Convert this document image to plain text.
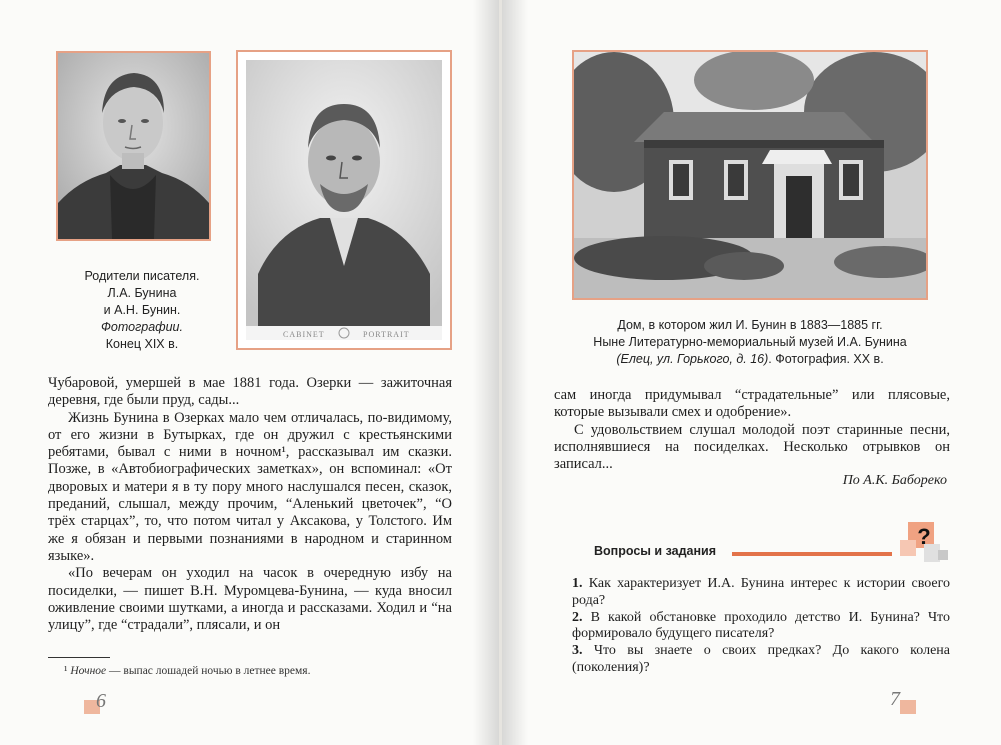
CABINET	PORTRAIT
Родители писателя.
Л.А. Бунина
и А.Н. Бунин.
Фотографии.
Конец XIX в.

Чубаровой, умершей в мае 1881 года. Озерки — зажиточная деревня, где были пруд, сады...

Жизнь Бунина в Озерках мало чем отличалась, по-видимому, от его жизни в Бутырках, где он дружил с крестьянскими ребятами, бывал с ними в ночном¹, рассказывал им сказки. Позже, в «Автобиографических заметках», он вспоминал: «От дворовых и матери я в ту пору много наслушался песен, сказок, преданий, слышал, между прочим, “Аленький цветочек”, “О трёх старцах”, то, что потом читал у Аксакова, у Толстого. Им же я обязан и первыми познаниями в народном и старинном языке».

«По вечерам он уходил на часок в очередную избу на посиделки, — пишет В.Н. Муромцева-Бунина, — куда вносил оживление своими шутками, а иногда и рассказами. Ходил и “на улицу”, где “страдали”, плясали, и он

¹ Ночное — выпас лошадей ночью в летнее время.
6
Дом, в котором жил И. Бунин в 1883—1885 гг.
Ныне Литературно-мемориальный музей И.А. Бунина
(Елец, ул. Горького, д. 16). Фотография. XX в.

сам иногда придумывал “страдательные” или плясовые, которые вызывали смех и одобрение».

С удовольствием слушал молодой поэт старинные песни, исполнявшиеся на посиделках. Несколько отрывков он записал...

По А.К. Бабореко
Вопросы и задания
?

1. Как характеризует И.А. Бунина интерес к истории своего рода?

2. В какой обстановке проходило детство И. Бунина? Что формировало будущего писателя?

3. Что вы знаете о своих предках? До какого колена (поколения)?

7
